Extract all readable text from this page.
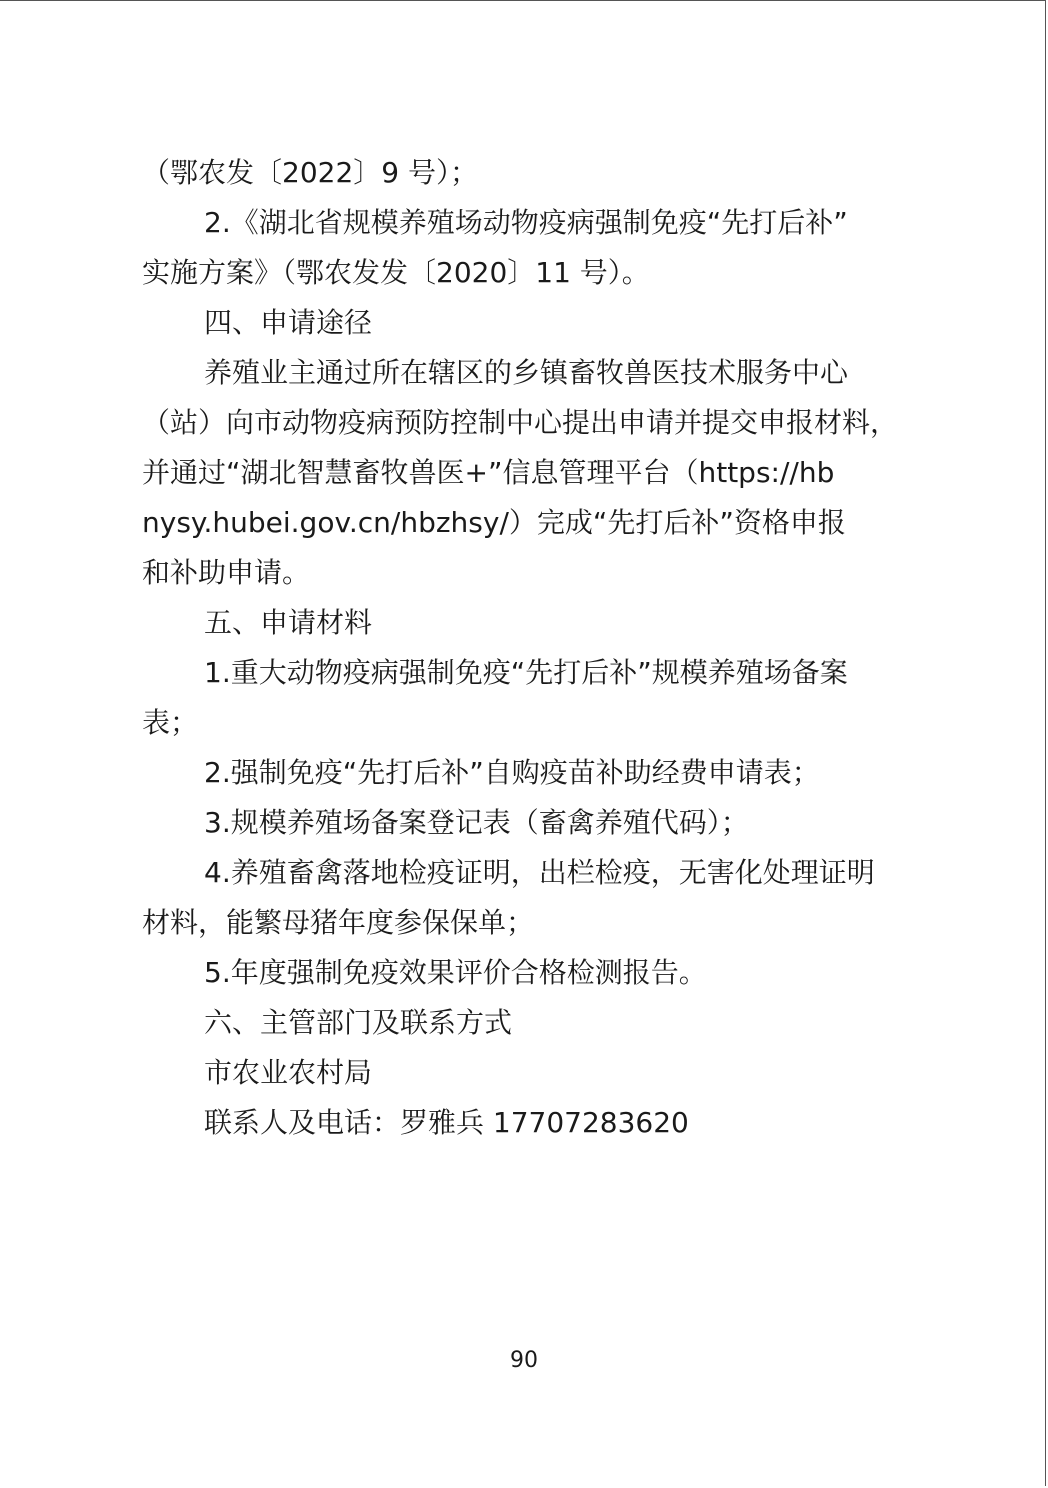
（鄂农发〔2022〕9 号）；
2.《湖北省规模养殖场动物疫病强制免疫“先打后补”
实施方案》（鄂农发发〔2020〕11 号）。
四、申请途径
养殖业主通过所在辖区的乡镇畜牧兽医技术服务中心
（站）向市动物疫病预防控制中心提出申请并提交申报材料，
并通过“湖北智慧畜牧兽医+”信息管理平台（https://hb
nysy.hubei.gov.cn/hbzhsy/）完成“先打后补”资格申报
和补助申请。
五、申请材料
1.重大动物疫病强制免疫“先打后补”规模养殖场备案
表；
2.强制免疫“先打后补”自购疫苗补助经费申请表；
3.规模养殖场备案登记表（畜禽养殖代码）；
4.养殖畜禽落地检疫证明，出栏检疫，无害化处理证明
材料，能繁母猪年度参保保单；
5.年度强制免疫效果评价合格检测报告。
六、主管部门及联系方式
市农业农村局
联系人及电话：罗雅兵 17707283620
90
